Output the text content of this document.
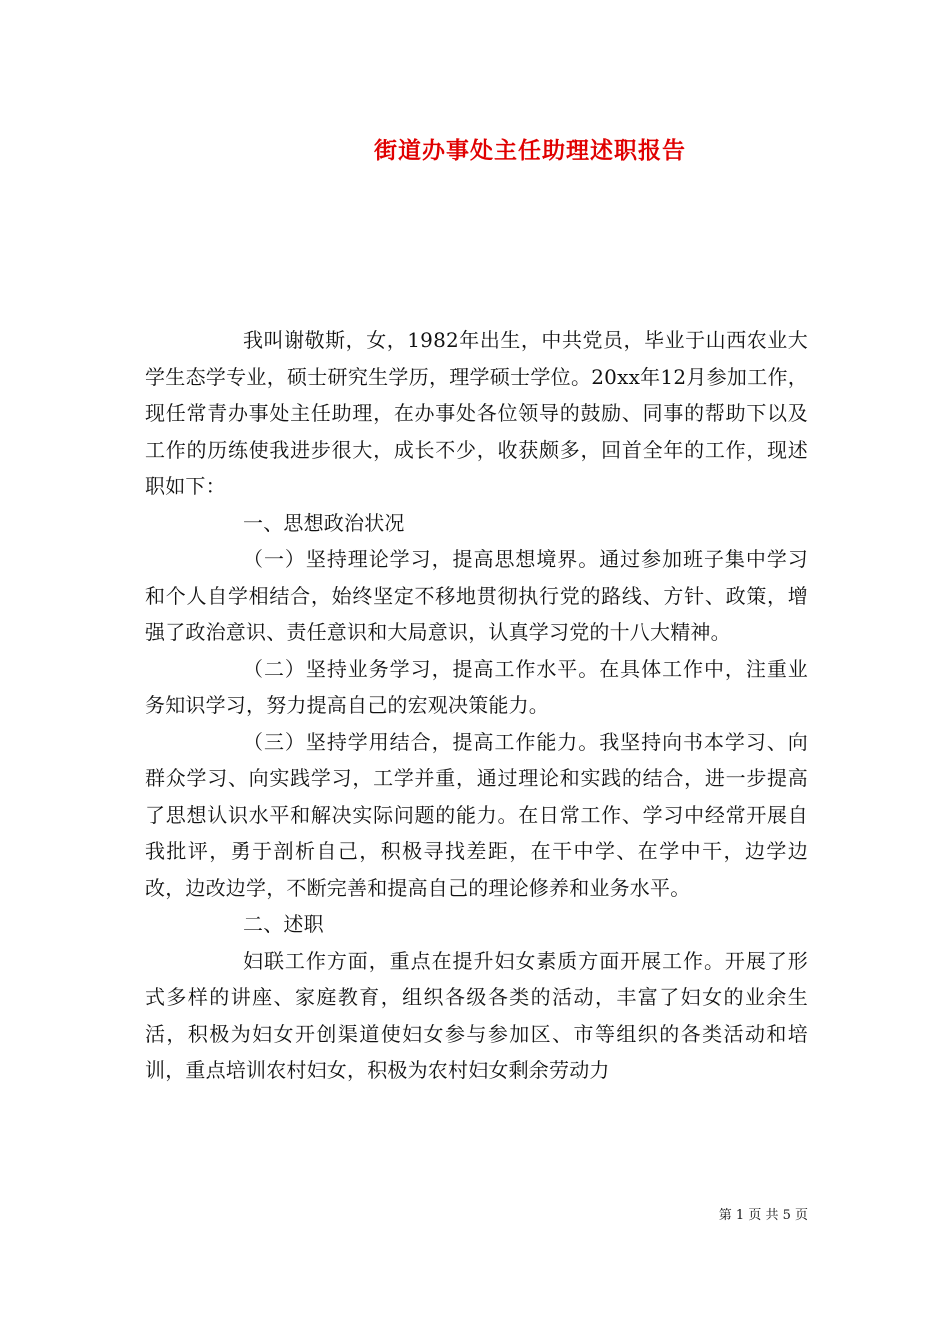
街道办事处主任助理述职报告

我叫谢敬斯，女，1982年出生，中共党员，毕业于山西农业大学生态学专业，硕士研究生学历，理学硕士学位。20xx年12月参加工作，现任常青办事处主任助理，在办事处各位领导的鼓励、同事的帮助下以及工作的历练使我进步很大，成长不少，收获颇多，回首全年的工作，现述职如下：

一、思想政治状况

（一）坚持理论学习，提高思想境界。通过参加班子集中学习和个人自学相结合，始终坚定不移地贯彻执行党的路线、方针、政策，增强了政治意识、责任意识和大局意识，认真学习党的十八大精神。

（二）坚持业务学习，提高工作水平。在具体工作中，注重业务知识学习，努力提高自己的宏观决策能力。

（三）坚持学用结合，提高工作能力。我坚持向书本学习、向群众学习、向实践学习，工学并重，通过理论和实践的结合，进一步提高了思想认识水平和解决实际问题的能力。在日常工作、学习中经常开展自我批评，勇于剖析自己，积极寻找差距，在干中学、在学中干，边学边改，边改边学，不断完善和提高自己的理论修养和业务水平。

二、述职

妇联工作方面，重点在提升妇女素质方面开展工作。开展了形式多样的讲座、家庭教育，组织各级各类的活动，丰富了妇女的业余生活，积极为妇女开创渠道使妇女参与参加区、市等组织的各类活动和培训，重点培训农村妇女，积极为农村妇女剩余劳动力

第 1 页 共 5 页
